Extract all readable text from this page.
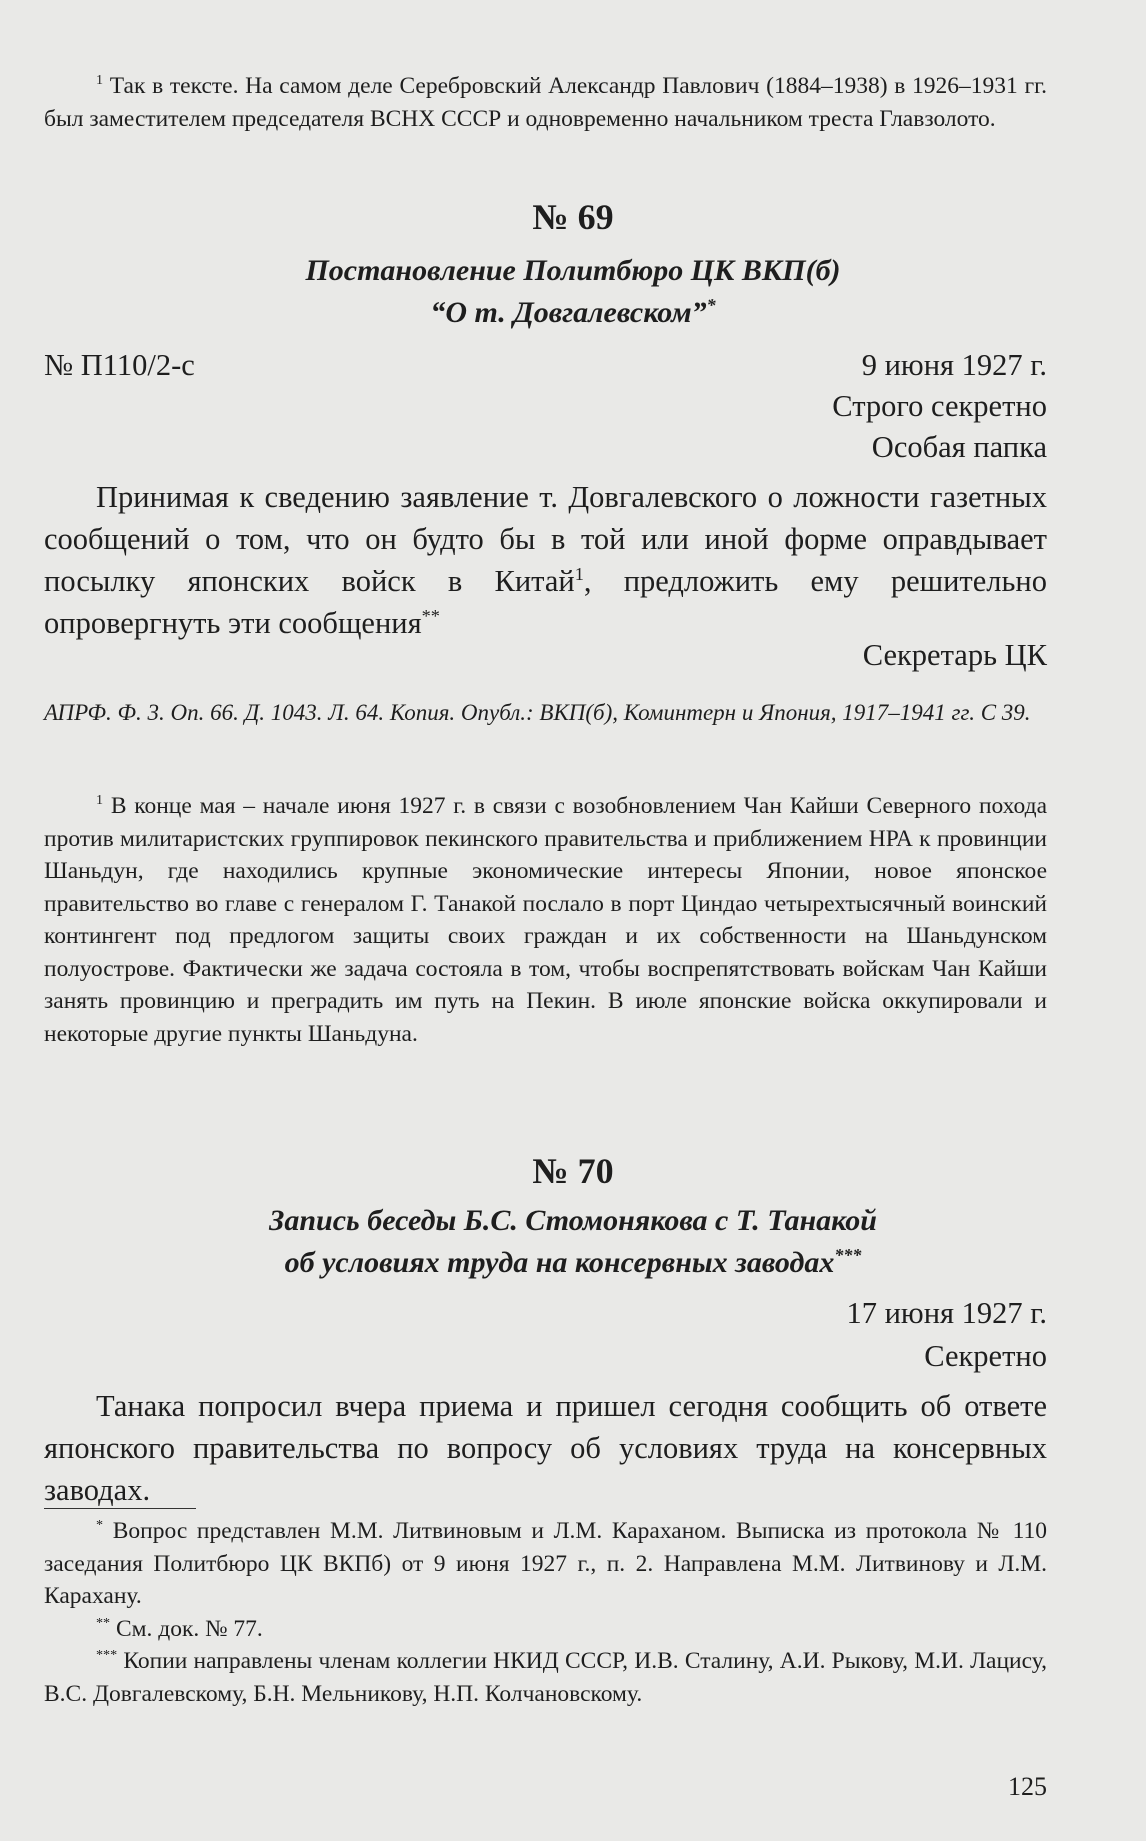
$^1$ Так в тексте. На самом деле Серебровский Александр Павлович (1884–1938) в 1926–1931 гг. был заместителем председателя ВСНХ СССР и одновременно начальником треста Главзолото.
№ 69
Постановление Политбюро ЦК ВКП(б)
“О т. Довгалевском”*
№ П110/2-с	9 июня 1927 г.
Строго секретно
Особая папка
Принимая к сведению заявление т. Довгалевского о ложности газетных сообщений о том, что он будто бы в той или иной форме оправдывает посылку японских войск в Китай$^1$, предложить ему решительно опровергнуть эти сообщения**
Секретарь ЦК
АПРФ. Ф. 3. Оп. 66. Д. 1043. Л. 64. Копия. Опубл.: ВКП(б), Коминтерн и Япония, 1917–1941 гг. С 39.
$^1$ В конце мая – начале июня 1927 г. в связи с возобновлением Чан Кайши Северного похода против милитаристских группировок пекинского правительства и приближением НРА к провинции Шаньдун, где находились крупные экономические интересы Японии, новое японское правительство во главе с генералом Г. Танакой послало в порт Циндао четырехтысячный воинский контингент под предлогом защиты своих граждан и их собственности на Шаньдунском полуострове. Фактически же задача состояла в том, чтобы воспрепятствовать войскам Чан Кайши занять провинцию и преградить им путь на Пекин. В июле японские войска оккупировали и некоторые другие пункты Шаньдуна.
№ 70
Запись беседы Б.С. Стомонякова с Т. Танакой
об условиях труда на консервных заводах***
17 июня 1927 г.
Секретно
Танака попросил вчера приема и пришел сегодня сообщить об ответе японского правительства по вопросу об условиях труда на консервных заводах.
* Вопрос представлен М.М. Литвиновым и Л.М. Караханом. Выписка из протокола № 110 заседания Политбюро ЦК ВКПб) от 9 июня 1927 г., п. 2. Направлена М.М. Литвинову и Л.М. Карахану.
** См. док. № 77.
*** Копии направлены членам коллегии НКИД СССР, И.В. Сталину, А.И. Рыкову, М.И. Лацису, В.С. Довгалевскому, Б.Н. Мельникову, Н.П. Колчановскому.
125
